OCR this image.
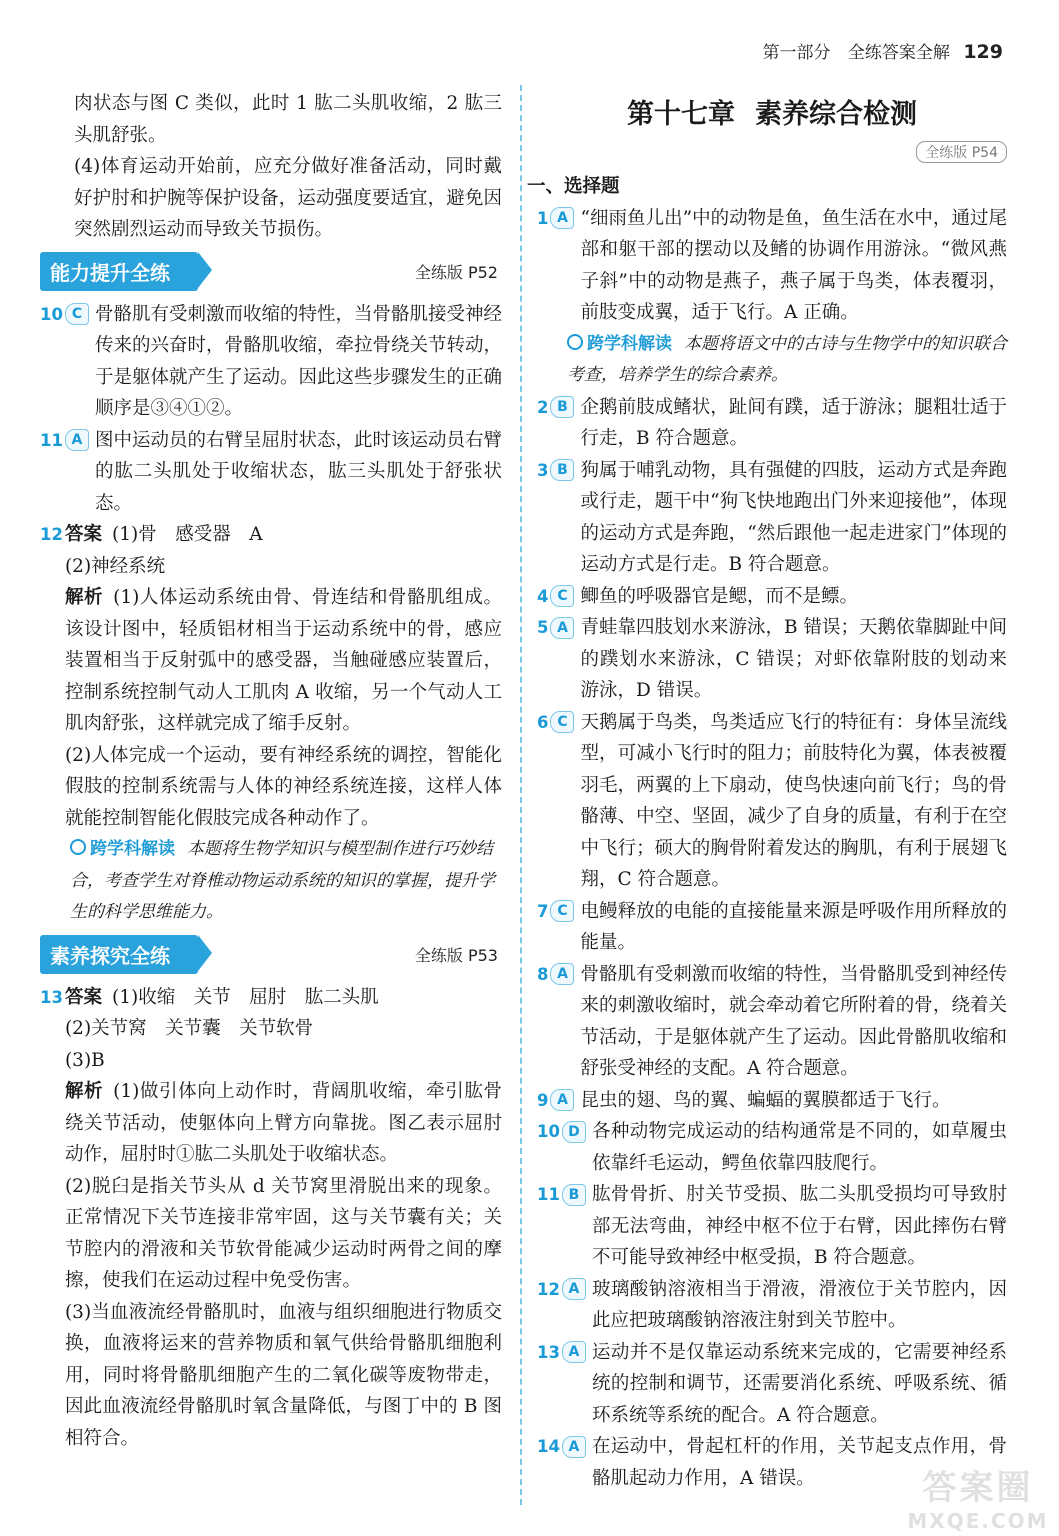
第一部分 全练答案全解 129

肉状态与图 C 类似，此时 1 肱二头肌收缩，2 肱三头肌舒张。

(4)体育运动开始前，应充分做好准备活动，同时戴好护肘和护腕等保护设备，运动强度要适宜，避免因突然剧烈运动而导致关节损伤。

能力提升全练	全练版 P52
10 C 骨骼肌有受刺激而收缩的特性，当骨骼肌接受神经传来的兴奋时，骨骼肌收缩，牵拉骨绕关节转动，于是躯体就产生了运动。因此这些步骤发生的正确顺序是③④①②。

11 A 图中运动员的右臂呈屈肘状态，此时该运动员右臂的肱二头肌处于收缩状态，肱三头肌处于舒张状态。

12 答案 (1)骨　感受器　A

(2)神经系统

解析 (1)人体运动系统由骨、骨连结和骨骼肌组成。该设计图中，轻质铝材相当于运动系统中的骨，感应装置相当于反射弧中的感受器，当触碰感应装置后，控制系统控制气动人工肌肉 A 收缩，另一个气动人工肌肉舒张，这样就完成了缩手反射。

(2)人体完成一个运动，要有神经系统的调控，智能化假肢的控制系统需与人体的神经系统连接，这样人体就能控制智能化假肢完成各种动作了。

跨学科解读 本题将生物学知识与模型制作进行巧妙结合，考查学生对脊椎动物运动系统的知识的掌握，提升学生的科学思维能力。

素养探究全练	全练版 P53
13 答案 (1)收缩　关节　屈肘　肱二头肌

(2)关节窝　关节囊　关节软骨

(3)B

解析 (1)做引体向上动作时，背阔肌收缩，牵引肱骨绕关节活动，使躯体向上臂方向靠拢。图乙表示屈肘动作，屈肘时①肱二头肌处于收缩状态。

(2)脱臼是指关节头从 d 关节窝里滑脱出来的现象。正常情况下关节连接非常牢固，这与关节囊有关；关节腔内的滑液和关节软骨能减少运动时两骨之间的摩擦，使我们在运动过程中免受伤害。

(3)当血液流经骨骼肌时，血液与组织细胞进行物质交换，血液将运来的营养物质和氧气供给骨骼肌细胞利用，同时将骨骼肌细胞产生的二氧化碳等废物带走，因此血液流经骨骼肌时氧含量降低，与图丁中的 B 图相符合。

第十七章 素养综合检测
全练版 P54
一、选择题
1 A “细雨鱼儿出”中的动物是鱼，鱼生活在水中，通过尾部和躯干部的摆动以及鳍的协调作用游泳。“微风燕子斜”中的动物是燕子，燕子属于鸟类，体表覆羽，前肢变成翼，适于飞行。A 正确。

跨学科解读 本题将语文中的古诗与生物学中的知识联合考查，培养学生的综合素养。

2 B 企鹅前肢成鳍状，趾间有蹼，适于游泳；腿粗壮适于行走，B 符合题意。

3 B 狗属于哺乳动物，具有强健的四肢，运动方式是奔跑或行走，题干中“狗飞快地跑出门外来迎接他”，体现的运动方式是奔跑，“然后跟他一起走进家门”体现的运动方式是行走。B 符合题意。

4 C 鲫鱼的呼吸器官是鳃，而不是鳔。

5 A 青蛙靠四肢划水来游泳，B 错误；天鹅依靠脚趾中间的蹼划水来游泳，C 错误；对虾依靠附肢的划动来游泳，D 错误。

6 C 天鹅属于鸟类，鸟类适应飞行的特征有：身体呈流线型，可减小飞行时的阻力；前肢特化为翼，体表被覆羽毛，两翼的上下扇动，使鸟快速向前飞行；鸟的骨骼薄、中空、坚固，减少了自身的质量，有利于在空中飞行；硕大的胸骨附着发达的胸肌，有利于展翅飞翔，C 符合题意。

7 C 电鳗释放的电能的直接能量来源是呼吸作用所释放的能量。

8 A 骨骼肌有受刺激而收缩的特性，当骨骼肌受到神经传来的刺激收缩时，就会牵动着它所附着的骨，绕着关节活动，于是躯体就产生了运动。因此骨骼肌收缩和舒张受神经的支配。A 符合题意。

9 A 昆虫的翅、鸟的翼、蝙蝠的翼膜都适于飞行。

10 D 各种动物完成运动的结构通常是不同的，如草履虫依靠纤毛运动，鳄鱼依靠四肢爬行。

11 B 肱骨骨折、肘关节受损、肱二头肌受损均可导致肘部无法弯曲，神经中枢不位于右臂，因此摔伤右臂不可能导致神经中枢受损，B 符合题意。

12 A 玻璃酸钠溶液相当于滑液，滑液位于关节腔内，因此应把玻璃酸钠溶液注射到关节腔中。

13 A 运动并不是仅靠运动系统来完成的，它需要神经系统的控制和调节，还需要消化系统、呼吸系统、循环系统等系统的配合。A 符合题意。

14 A 在运动中，骨起杠杆的作用，关节起支点作用，骨骼肌起动力作用，A 错误。	答案圈
MXQE.COM
